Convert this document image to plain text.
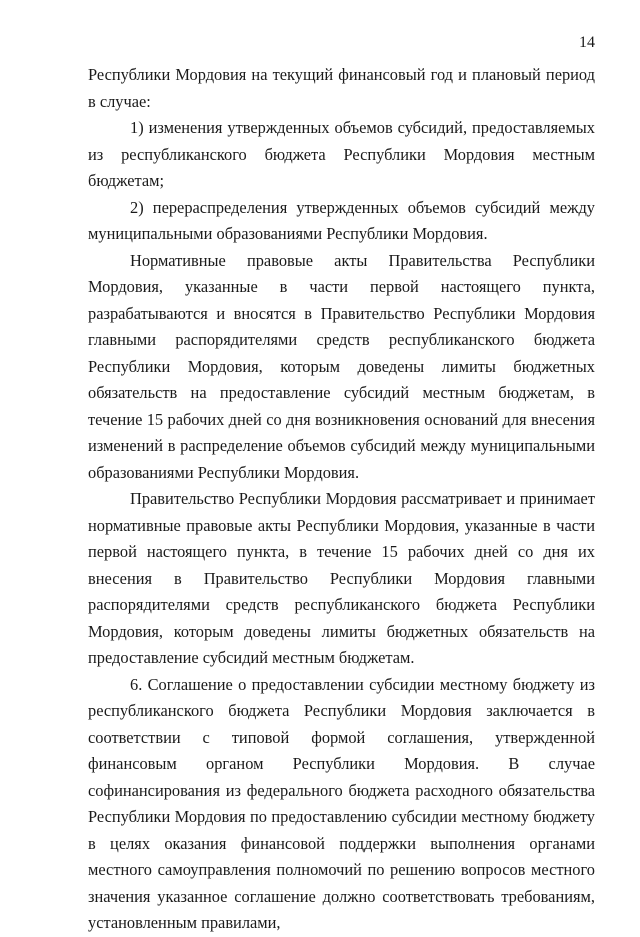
14

Республики Мордовия на текущий финансовый год и плановый период в случае:

1) изменения утвержденных объемов субсидий, предоставляемых из республиканского бюджета Республики Мордовия местным бюджетам;

2) перераспределения утвержденных объемов субсидий между муниципальными образованиями Республики Мордовия.

Нормативные правовые акты Правительства Республики Мордовия, указанные в части первой настоящего пункта, разрабатываются и вносятся в Правительство Республики Мордовия главными распорядителями средств республиканского бюджета Республики Мордовия, которым доведены лимиты бюджетных обязательств на предоставление субсидий местным бюджетам, в течение 15 рабочих дней со дня возникновения оснований для внесения изменений в распределение объемов субсидий между муниципальными образованиями Республики Мордовия.

Правительство Республики Мордовия рассматривает и принимает нормативные правовые акты Республики Мордовия, указанные в части первой настоящего пункта, в течение 15 рабочих дней со дня их внесения в Правительство Республики Мордовия главными распорядителями средств республиканского бюджета Республики Мордовия, которым доведены лимиты бюджетных обязательств на предоставление субсидий местным бюджетам.

6. Соглашение о предоставлении субсидии местному бюджету из республиканского бюджета Республики Мордовия заключается в соответствии с типовой формой соглашения, утвержденной финансовым органом Республики Мордовия. В случае софинансирования из федерального бюджета расходного обязательства Республики Мордовия по предоставлению субсидии местному бюджету в целях оказания финансовой поддержки выполнения органами местного самоуправления полномочий по решению вопросов местного значения указанное соглашение должно соответствовать требованиям, установленным правилами,
